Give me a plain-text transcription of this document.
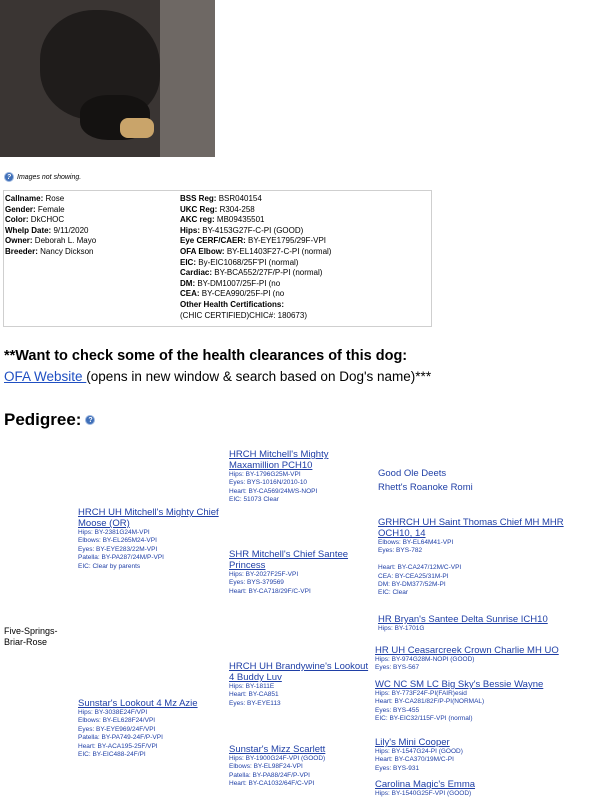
? Images not showing.
Callname: Rose
Gender: Female
Color: DkCHOC
Whelp Date: 9/11/2020
Owner: Deborah L. Mayo
Breeder: Nancy Dickson
BSS Reg: BSR040154
UKC Reg: R304-258
AKC reg: MB09435501
Hips: BY-4153G27F-C-PI (GOOD)
Eye CERF/CAER: BY-EYE1795/29F-VPI
OFA Elbow: BY-EL1403F27-C-PI (normal)
EIC: By-EIC1068/25F'PI (normal)
Cardiac: BY-BCA552/27F/P-PI (normal)
DM: BY-DM1007/25F-PI (no
CEA: BY-CEA990/25F-PI (no
Other Health Certifications:
(CHIC CERTIFIED)CHIC#: 180673)
**Want to check some of the health clearances of this dog:
OFA Website (opens in new window & search based on Dog's name)***
Pedigree: ?
Five-Springs-
Briar-Rose
HRCH UH Mitchell's Mighty Chief Moose (OR)
Hips: BY-2381G24M-VPI
Elbows: BY-EL265M24-VPI
Eyes: BY-EYE283/22M-VPI
Patella: BY-PA287/24M/P-VPI
EIC: Clear by parents
Sunstar's Lookout 4 Mz Azie
Hips: BY-3038E24F/VPI
Elbows: BY-EL628F24/VPI
Eyes: BY-EYE969/24F/VPI
Patella: BY-PA749-24F/P-VPI
Heart: BY-ACA195-25F/VPI
EIC: BY-EIC488-24F/PI
HRCH Mitchell's Mighty Maxamillion PCH10
Hips: BY-1796G25M-VPI
Eyes: BYS-1016N/2010-10
Heart: BY-CA569/24M/S-NOPI
EIC: 51073 Clear
SHR Mitchell's Chief Santee Princess
Hips: BY-2027F25F-VPI
Eyes: BYS-379569
Heart: BY-CA718/29F/C-VPI
HRCH UH Brandywine's Lookout 4 Buddy Luv
Hips: BY-1811E
Heart: BY-CA851
Eyes: BY-EYE113
Sunstar's Mizz Scarlett
Hips: BY-1900G24F-VPI (GOOD)
Elbows: BY-EL98F24-VPI
Patella: BY-PA88/24F/P-VPI
Heart: BY-CA1032/64F/C-VPI
Good Ole Deets
Rhett's Roanoke Romi
GRHRCH UH Saint Thomas Chief MH MHR OCH10, 14
Elbows: BY-EL64M41-VPI
Eyes: BYS-782
Heart: BY-CA247/12M/C-VPI
CEA: BY-CEA25/31M-PI
DM: BY-DM377/52M-PI
EIC: Clear
HR Bryan's Santee Delta Sunrise ICH10
Hips: BY-1701G
HR UH Ceasarcreek Crown Charlie MH UO
Hips: BY-974G28M-NOPI (GOOD)
Eyes: BYS-567
WC NC SM LC Big Sky's Bessie Wayne
Hips: BY-773F24F-PI(FAIR)esid
Heart: BY-CA281/82F/P-PI(NORMAL)
Eyes: BYS-455
EIC: BY-EIC32/115F-VPI (normal)
Lily's Mini Cooper
Hips: BY-1547G24-PI (GOOD)
Heart: BY-CA370/19M/C-PI
Eyes: BYS-931
Carolina Magic's Emma
Hips: BY-1540G25F-VPI (GOOD)
